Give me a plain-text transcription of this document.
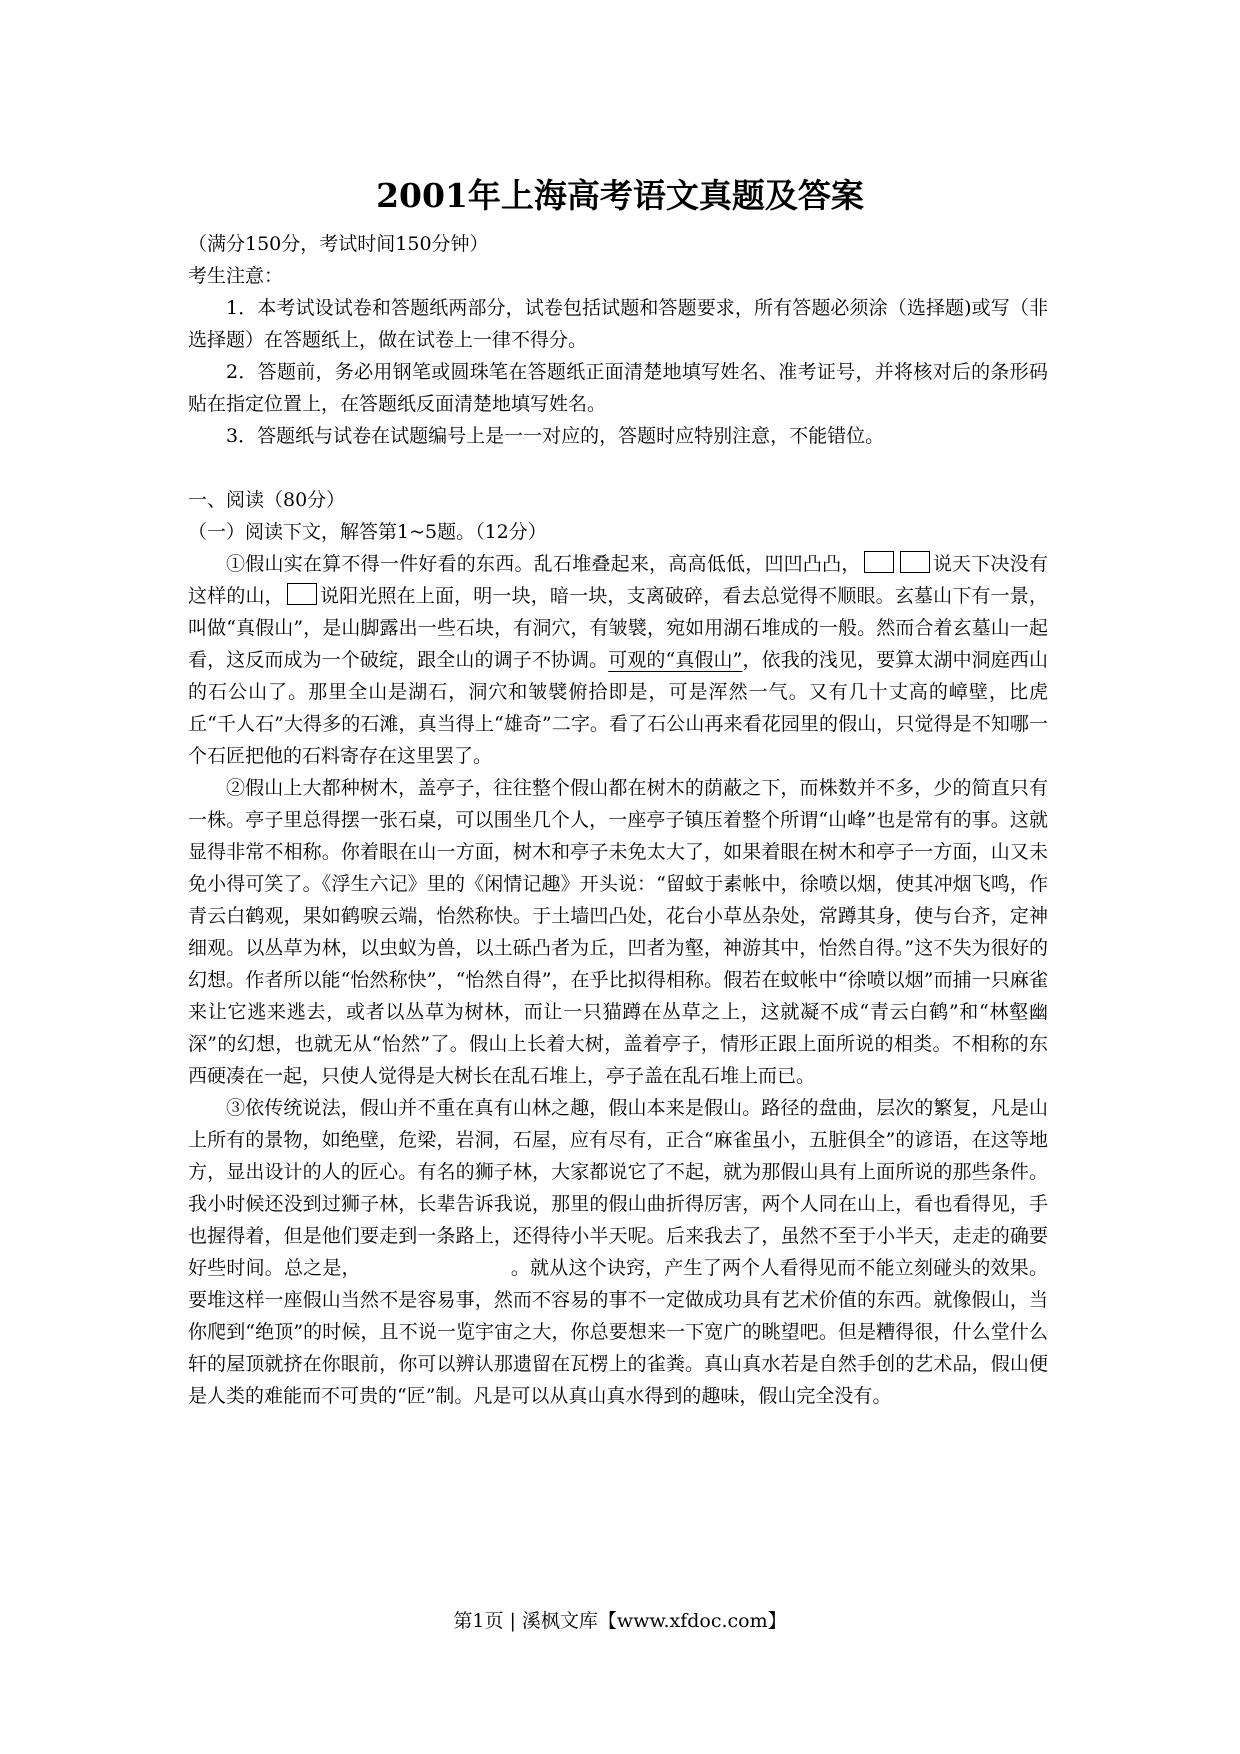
2001年上海高考语文真题及答案

（满分150分，考试时间150分钟）

考生注意：

1．本考试设试卷和答题纸两部分，试卷包括试题和答题要求，所有答题必须涂（选择题)或写（非选择题）在答题纸上，做在试卷上一律不得分。

2．答题前，务必用钢笔或圆珠笔在答题纸正面清楚地填写姓名、准考证号，并将核对后的条形码贴在指定位置上，在答题纸反面清楚地填写姓名。

3．答题纸与试卷在试题编号上是一一对应的，答题时应特别注意，不能错位。

一、阅读（80分）

（一）阅读下文，解答第1~5题。（12分）

①假山实在算不得一件好看的东西。乱石堆叠起来，高高低低，凹凹凸凸，	说天下决没有这样的山， 说阳光照在上面，明一块，暗一块，支离破碎，看去总觉得不顺眼。玄墓山下有一景，叫做“真假山”，是山脚露出一些石块，有洞穴，有皱襞，宛如用湖石堆成的一般。然而合着玄墓山一起看，这反而成为一个破绽，跟全山的调子不协调。可观的“真假山”，依我的浅见，要算太湖中洞庭西山的石公山了。那里全山是湖石，洞穴和皱襞俯拾即是，可是浑然一气。又有几十丈高的嶂壁，比虎丘“千人石”大得多的石滩，真当得上“雄奇”二字。看了石公山再来看花园里的假山，只觉得是不知哪一个石匠把他的石料寄存在这里罢了。

②假山上大都种树木，盖亭子，往往整个假山都在树木的荫蔽之下，而株数并不多，少的简直只有一株。亭子里总得摆一张石桌，可以围坐几个人，一座亭子镇压着整个所谓“山峰”也是常有的事。这就显得非常不相称。你着眼在山一方面，树木和亭子未免太大了，如果着眼在树木和亭子一方面，山又未免小得可笑了。《浮生六记》里的《闲情记趣》开头说：“留蚊于素帐中，徐喷以烟，使其冲烟飞鸣，作青云白鹤观，果如鹤唳云端，怡然称快。于土墙凹凸处，花台小草丛杂处，常蹲其身，使与台齐，定神细观。以丛草为林，以虫蚁为兽，以土砾凸者为丘，凹者为壑，神游其中，怡然自得。”这不失为很好的幻想。作者所以能“怡然称快”，“怡然自得”，在乎比拟得相称。假若在蚊帐中“徐喷以烟”而捕一只麻雀来让它逃来逃去，或者以丛草为树林，而让一只猫蹲在丛草之上，这就凝不成“青云白鹤”和“林壑幽深”的幻想，也就无从“怡然”了。假山上长着大树，盖着亭子，情形正跟上面所说的相类。不相称的东西硬凑在一起，只使人觉得是大树长在乱石堆上，亭子盖在乱石堆上而已。

③依传统说法，假山并不重在真有山林之趣，假山本来是假山。路径的盘曲，层次的繁复，凡是山上所有的景物，如绝壁，危梁，岩洞，石屋，应有尽有，正合“麻雀虽小，五脏俱全”的谚语，在这等地方，显出设计的人的匠心。有名的狮子林，大家都说它了不起，就为那假山具有上面所说的那些条件。我小时候还没到过狮子林，长辈告诉我说，那里的假山曲折得厉害，两个人同在山上，看也看得见，手也握得着，但是他们要走到一条路上，还得待小半天呢。后来我去了，虽然不至于小半天，走走的确要好些时间。总之是，	。就从这个诀窍，产生了两个人看得见而不能立刻碰头的效果。要堆这样一座假山当然不是容易事，然而不容易的事不一定做成功具有艺术价值的东西。就像假山，当你爬到“绝顶”的时候，且不说一览宇宙之大，你总要想来一下宽广的眺望吧。但是糟得很，什么堂什么轩的屋顶就挤在你眼前，你可以辨认那遗留在瓦楞上的雀粪。真山真水若是自然手创的艺术品，假山便是人类的难能而不可贵的“匠”制。凡是可以从真山真水得到的趣味，假山完全没有。

第1页 | 溪枫文库【www.xfdoc.com】
